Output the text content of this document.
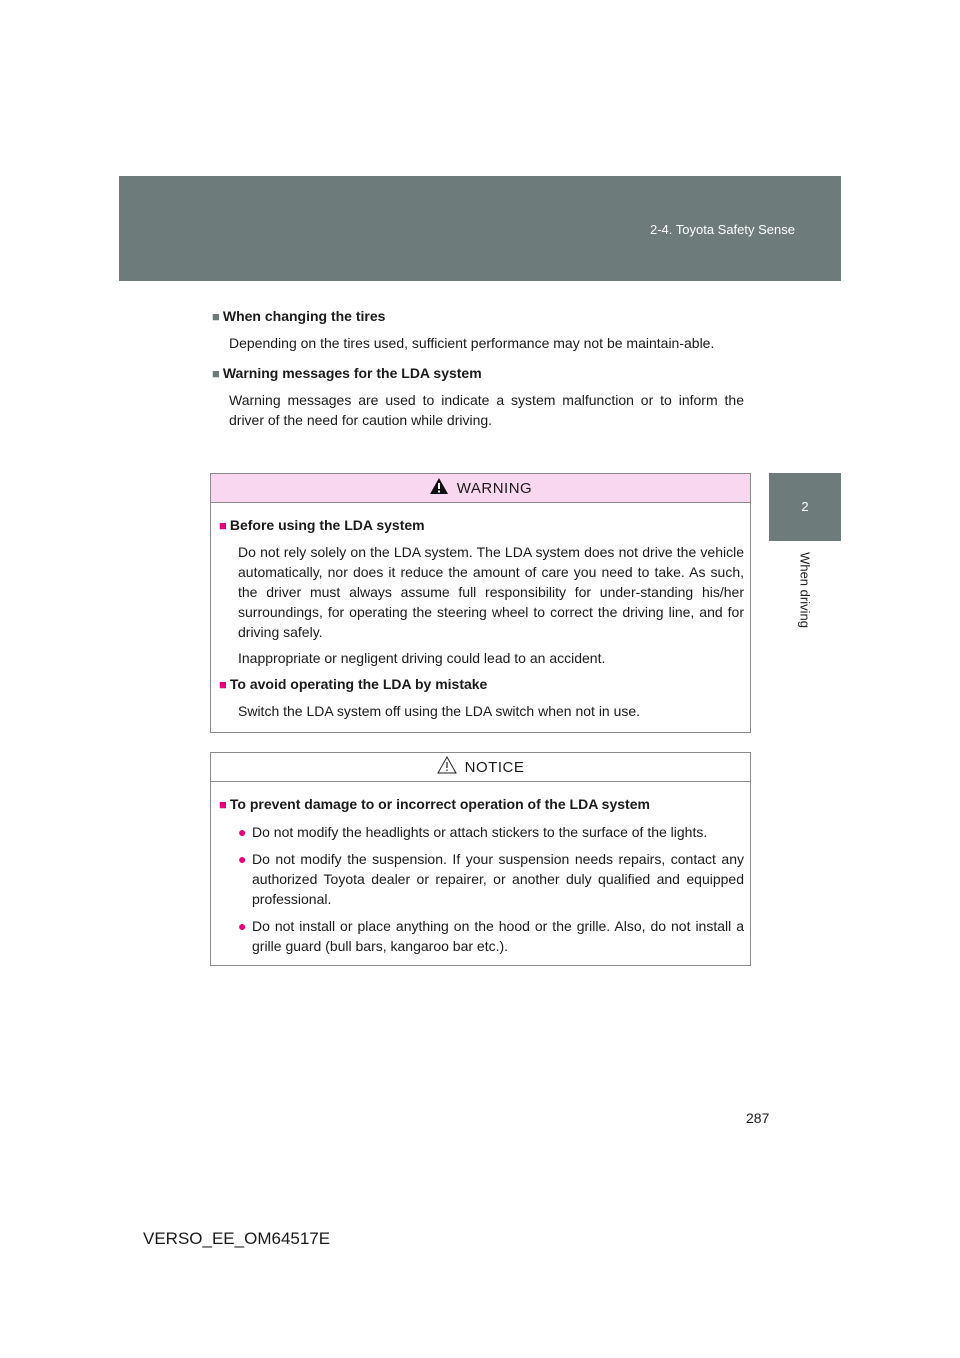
2-4. Toyota Safety Sense
2
When driving

■ When changing the tires

Depending on the tires used, sufficient performance may not be maintain-able.

■ Warning messages for the LDA system

Warning messages are used to indicate a system malfunction or to inform the driver of the need for caution while driving.

WARNING

■ Before using the LDA system

Do not rely solely on the LDA system. The LDA system does not drive the vehicle automatically, nor does it reduce the amount of care you need to take. As such, the driver must always assume full responsibility for under-standing his/her surroundings, for operating the steering wheel to correct the driving line, and for driving safely.

Inappropriate or negligent driving could lead to an accident.

■ To avoid operating the LDA by mistake

Switch the LDA system off using the LDA switch when not in use.

NOTICE

■ To prevent damage to or incorrect operation of the LDA system

● Do not modify the headlights or attach stickers to the surface of the lights.
● Do not modify the suspension. If your suspension needs repairs, contact any authorized Toyota dealer or repairer, or another duly qualified and equipped professional.
● Do not install or place anything on the hood or the grille. Also, do not install a grille guard (bull bars, kangaroo bar etc.).
287
VERSO_EE_OM64517E
